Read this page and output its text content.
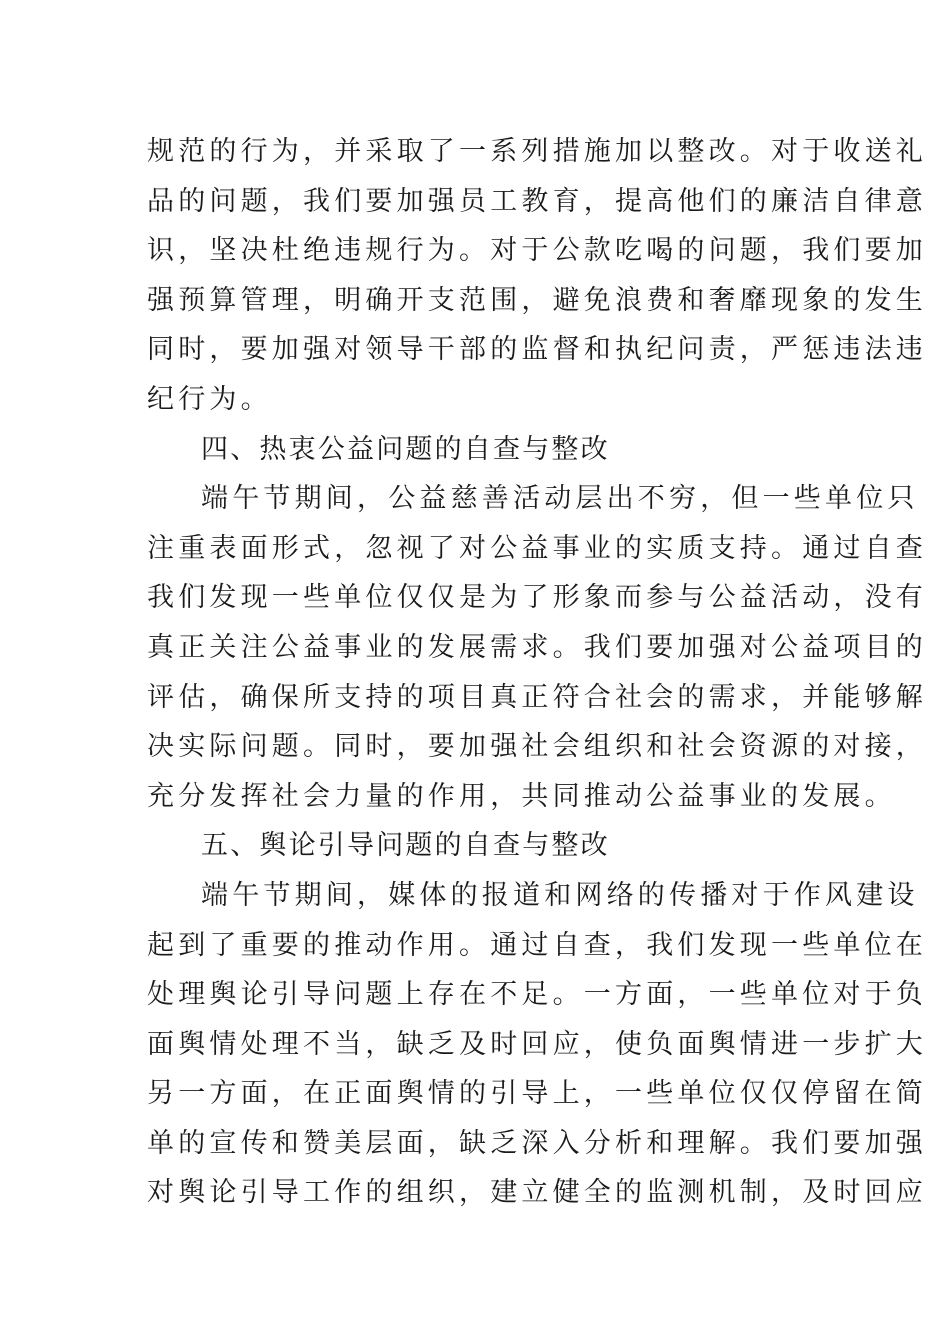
规范的行为，并采取了一系列措施加以整改。对于收送礼
品的问题，我们要加强员工教育，提高他们的廉洁自律意
识，坚决杜绝违规行为。对于公款吃喝的问题，我们要加
强预算管理，明确开支范围，避免浪费和奢靡现象的发生
同时，要加强对领导干部的监督和执纪问责，严惩违法违
纪行为。
四、热衷公益问题的自查与整改
端午节期间，公益慈善活动层出不穷，但一些单位只
注重表面形式，忽视了对公益事业的实质支持。通过自查
我们发现一些单位仅仅是为了形象而参与公益活动，没有
真正关注公益事业的发展需求。我们要加强对公益项目的
评估，确保所支持的项目真正符合社会的需求，并能够解
决实际问题。同时，要加强社会组织和社会资源的对接，
充分发挥社会力量的作用，共同推动公益事业的发展。
五、舆论引导问题的自查与整改
端午节期间，媒体的报道和网络的传播对于作风建设
起到了重要的推动作用。通过自查，我们发现一些单位在
处理舆论引导问题上存在不足。一方面，一些单位对于负
面舆情处理不当，缺乏及时回应，使负面舆情进一步扩大
另一方面，在正面舆情的引导上，一些单位仅仅停留在简
单的宣传和赞美层面，缺乏深入分析和理解。我们要加强
对舆论引导工作的组织，建立健全的监测机制，及时回应
